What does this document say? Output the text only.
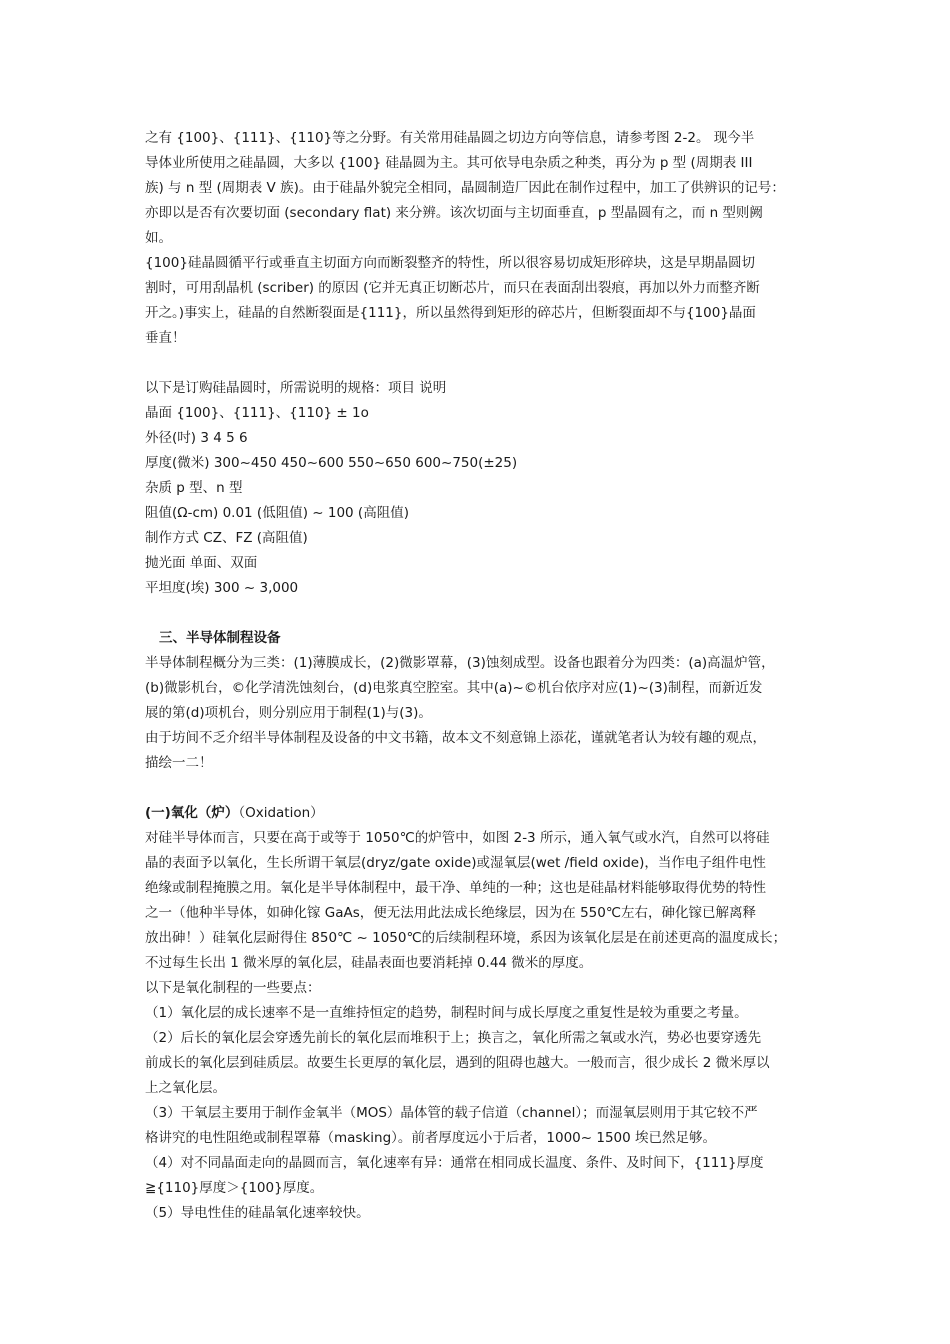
之有 {100}、{111}、{110}等之分野。有关常用硅晶圆之切边方向等信息，请参考图 2-2。 现今半
导体业所使用之硅晶圆，大多以 {100} 硅晶圆为主。其可依导电杂质之种类，再分为 p 型 (周期表 III
族) 与 n 型 (周期表 V 族)。由于硅晶外貌完全相同，晶圆制造厂因此在制作过程中，加工了供辨识的记号：
亦即以是否有次要切面 (secondary flat) 来分辨。该次切面与主切面垂直，p 型晶圆有之，而 n 型则阙
如。

{100}硅晶圆循平行或垂直主切面方向而断裂整齐的特性，所以很容易切成矩形碎块，这是早期晶圆切
割时，可用刮晶机 (scriber) 的原因 (它并无真正切断芯片，而只在表面刮出裂痕，再加以外力而整齐断
开之。)事实上，硅晶的自然断裂面是{111}，所以虽然得到矩形的碎芯片，但断裂面却不与{100}晶面
垂直！

以下是订购硅晶圆时，所需说明的规格：项目 说明
晶面 {100}、{111}、{110} ± 1o
外径(吋) 3 4 5 6
厚度(微米) 300~450 450~600 550~650 600~750(±25)
杂质 p 型、n 型
阻值(Ω-cm) 0.01 (低阻值) ~ 100 (高阻值)
制作方式 CZ、FZ (高阻值)
抛光面 单面、双面
平坦度(埃) 300 ~ 3,000
三、半导体制程设备

半导体制程概分为三类：(1)薄膜成长，(2)微影罩幕，(3)蚀刻成型。设备也跟着分为四类：(a)高温炉管，
(b)微影机台，©化学清洗蚀刻台，(d)电浆真空腔室。其中(a)~©机台依序对应(1)~(3)制程，而新近发
展的第(d)项机台，则分别应用于制程(1)与(3)。

由于坊间不乏介绍半导体制程及设备的中文书籍，故本文不刻意锦上添花，谨就笔者认为较有趣的观点，
描绘一二！

(一)氧化（炉）（Oxidation）

对硅半导体而言，只要在高于或等于 1050℃的炉管中，如图 2-3 所示，通入氧气或水汽，自然可以将硅
晶的表面予以氧化，生长所谓干氧层(dryz/gate oxide)或湿氧层(wet /field oxide)，当作电子组件电性
绝缘或制程掩膜之用。氧化是半导体制程中，最干净、单纯的一种；这也是硅晶材料能够取得优势的特性
之一（他种半导体，如砷化镓 GaAs，便无法用此法成长绝缘层，因为在 550℃左右，砷化镓已解离释
放出砷！）硅氧化层耐得住 850℃ ~ 1050℃的后续制程环境，系因为该氧化层是在前述更高的温度成长；
不过每生长出 1 微米厚的氧化层，硅晶表面也要消耗掉 0.44 微米的厚度。

以下是氧化制程的一些要点：
（1）氧化层的成长速率不是一直维持恒定的趋势，制程时间与成长厚度之重复性是较为重要之考量。
（2）后长的氧化层会穿透先前长的氧化层而堆积于上；换言之，氧化所需之氧或水汽，势必也要穿透先
前成长的氧化层到硅质层。故要生长更厚的氧化层，遇到的阻碍也越大。一般而言，很少成长 2 微米厚以
上之氧化层。
（3）干氧层主要用于制作金氧半（MOS）晶体管的载子信道（channel）；而湿氧层则用于其它较不严
格讲究的电性阻绝或制程罩幕（masking）。前者厚度远小于后者，1000~ 1500 埃已然足够。
（4）对不同晶面走向的晶圆而言，氧化速率有异：通常在相同成长温度、条件、及时间下，{111}厚度
≧{110}厚度＞{100}厚度。
（5）导电性佳的硅晶氧化速率较快。
